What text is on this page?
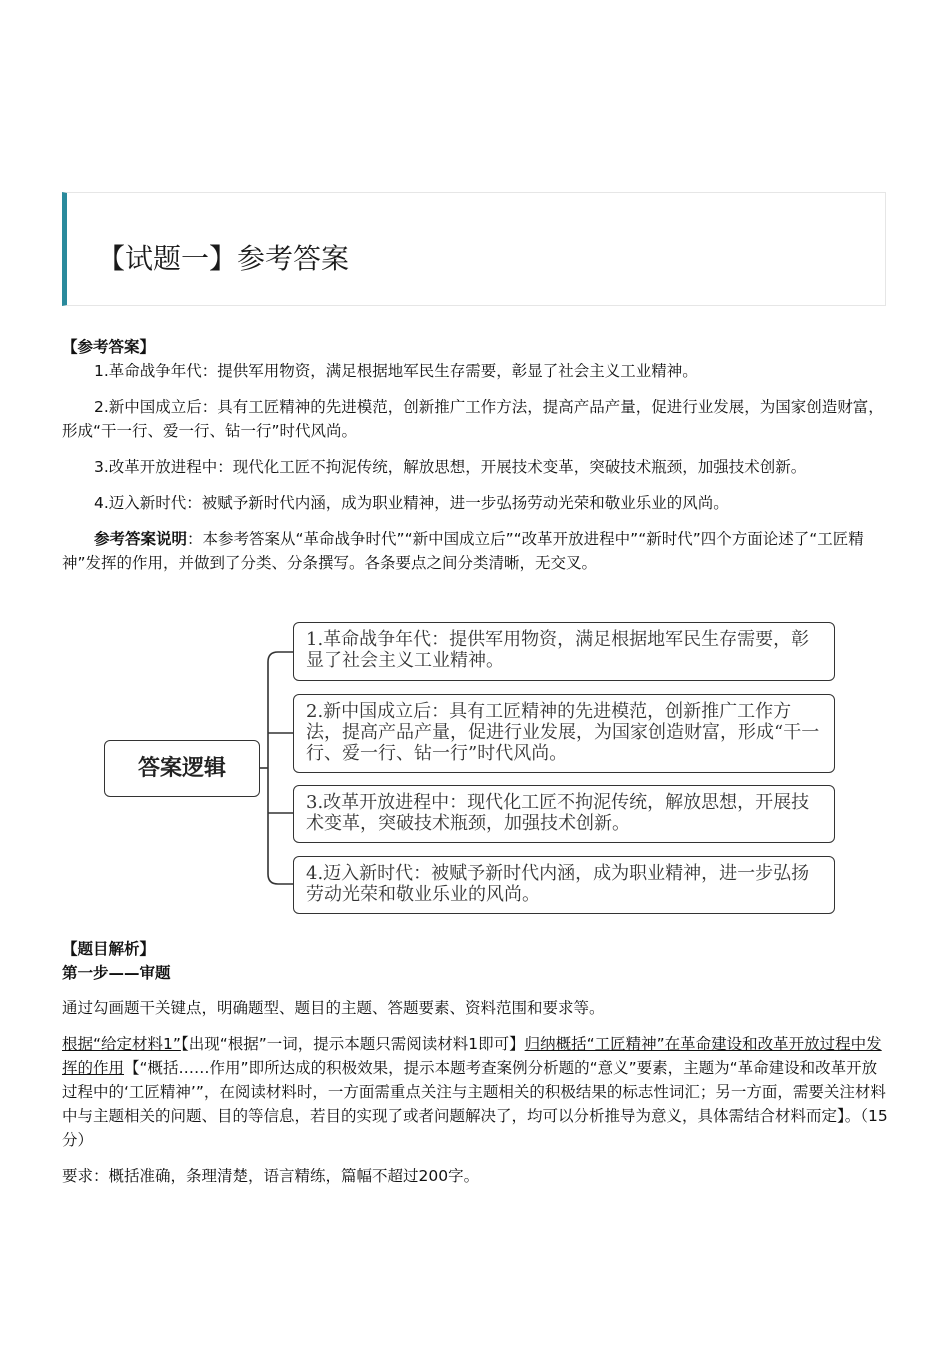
【试题一】参考答案
【参考答案】
1.革命战争年代：提供军用物资，满足根据地军民生存需要，彰显了社会主义工业精神。
2.新中国成立后：具有工匠精神的先进模范，创新推广工作方法，提高产品产量，促进行业发展，为国家创造财富，形成“干一行、爱一行、钻一行”时代风尚。
3.改革开放进程中：现代化工匠不拘泥传统，解放思想，开展技术变革，突破技术瓶颈，加强技术创新。
4.迈入新时代：被赋予新时代内涵，成为职业精神，进一步弘扬劳动光荣和敬业乐业的风尚。
参考答案说明：本参考答案从“革命战争时代”“新中国成立后”“改革开放进程中”“新时代”四个方面论述了“工匠精神”发挥的作用，并做到了分类、分条撰写。各条要点之间分类清晰，无交叉。
答案逻辑
1.革命战争年代：提供军用物资，满足根据地军民生存需要，彰显了社会主义工业精神。
2.新中国成立后：具有工匠精神的先进模范，创新推广工作方法，提高产品产量，促进行业发展，为国家创造财富，形成“干一行、爱一行、钻一行”时代风尚。
3.改革开放进程中：现代化工匠不拘泥传统，解放思想，开展技术变革，突破技术瓶颈，加强技术创新。
4.迈入新时代：被赋予新时代内涵，成为职业精神，进一步弘扬劳动光荣和敬业乐业的风尚。
【题目解析】
第一步——审题
通过勾画题干关键点，明确题型、题目的主题、答题要素、资料范围和要求等。
根据“给定材料1”【出现“根据”一词，提示本题只需阅读材料1即可】归纳概括“工匠精神”在革命建设和改革开放过程中发挥的作用【“概括……作用”即所达成的积极效果，提示本题考查案例分析题的“意义”要素，主题为“革命建设和改革开放过程中的‘工匠精神’”，在阅读材料时，一方面需重点关注与主题相关的积极结果的标志性词汇；另一方面，需要关注材料中与主题相关的问题、目的等信息，若目的实现了或者问题解决了，均可以分析推导为意义，具体需结合材料而定】。（15分）
要求：概括准确，条理清楚，语言精练，篇幅不超过200字。
